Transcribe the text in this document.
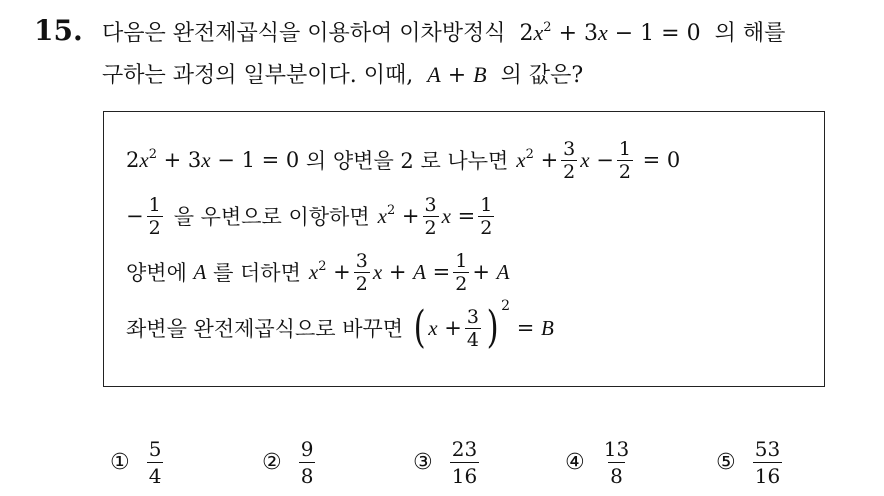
15. 다음은 완전제곱식을 이용하여 이차방정식  $2x^2 + 3x - 1 = 0$  의 해를
구하는 과정의 일부분이다. 이때, A + B 의 값은?
$2x^2 + 3x - 1 = 0$ 의 양변을 2 로 나누면 $x^2 + \frac{3}{2}$ $x - \frac{1}{2} = 0$
− $\frac{1}{2}$ 을 우변으로 이항하면 $x^2 + \frac{3}{2}$ $x = \frac{1}{2}$
양변에 A 를 더하면 $x^2 + \frac{3}{2}$ $x + A = \frac{1}{2} + A$
좌변을 완전제곱식으로 바꾸면 ( $x + \frac{3}{4}$ ) 2
= B
① $\frac{5}{4}$	② $\frac{9}{8}$	③ $\frac{23}{16}$	④ $\frac{13}{8}$	⑤ $\frac{53}{16}$
